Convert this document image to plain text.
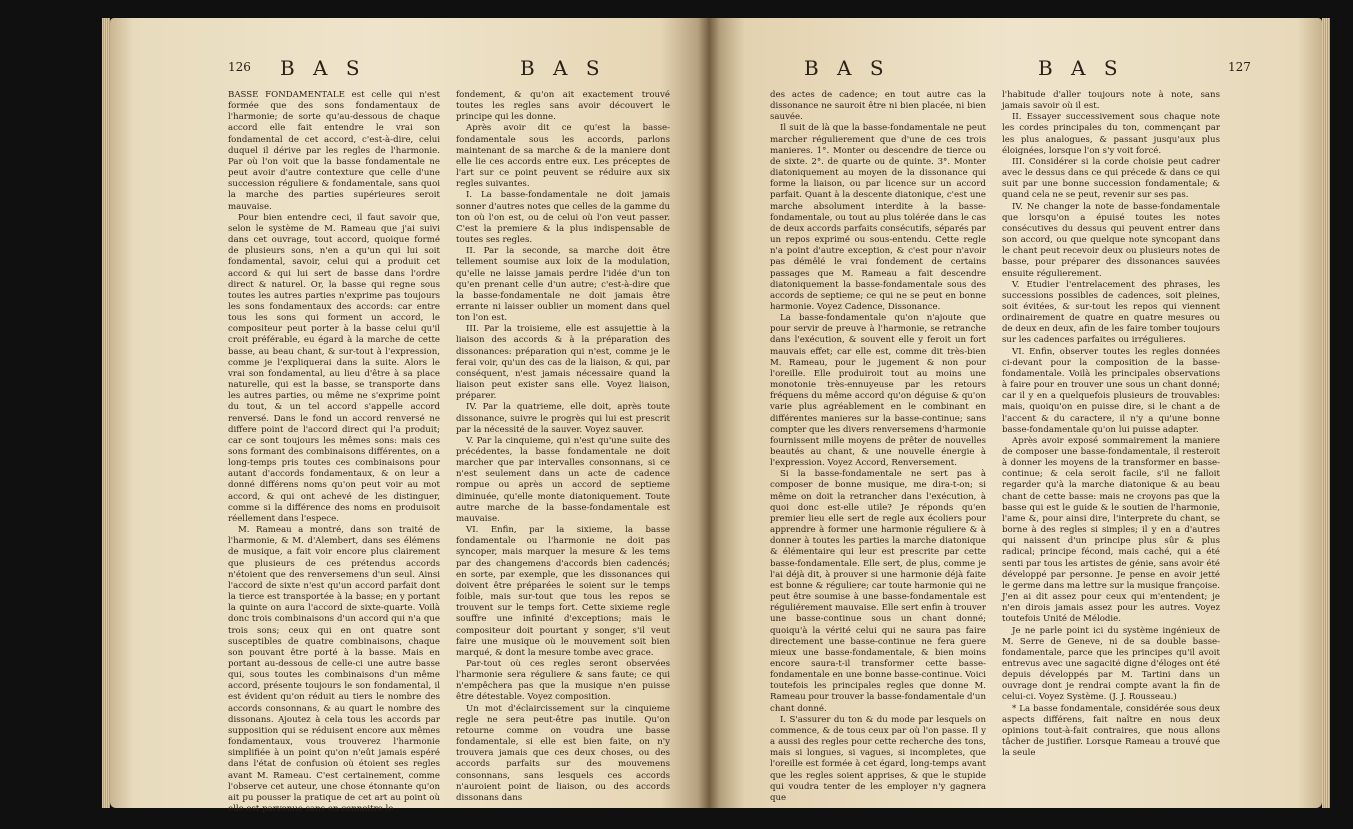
126 B A S	B A S

BASSE FONDAMENTALE est celle qui n'est formée que des sons fondamentaux de l'harmonie; de sorte qu'au-dessous de chaque accord elle fait entendre le vrai son fondamental de cet accord, c'est-à-dire, celui duquel il dérive par les regles de l'harmonie. Par où l'on voit que la basse fondamentale ne peut avoir d'autre contexture que celle d'une succession réguliere & fondamentale, sans quoi la marche des parties supérieures seroit mauvaise.

Pour bien entendre ceci, il faut savoir que, selon le système de M. Rameau que j'ai suivi dans cet ouvrage, tout accord, quoique formé de plusieurs sons, n'en a qu'un qui lui soit fondamental, savoir, celui qui a produit cet accord & qui lui sert de basse dans l'ordre direct & naturel. Or, la basse qui regne sous toutes les autres parties n'exprime pas toujours les sons fondamentaux des accords: car entre tous les sons qui forment un accord, le compositeur peut porter à la basse celui qu'il croit préférable, eu égard à la marche de cette basse, au beau chant, & sur-tout à l'expression, comme je l'expliquerai dans la suite. Alors le vrai son fondamental, au lieu d'être à sa place naturelle, qui est la basse, se transporte dans les autres parties, ou même ne s'exprime point du tout, & un tel accord s'appelle accord renversé. Dans le fond un accord renversé ne differe point de l'accord direct qui l'a produit; car ce sont toujours les mêmes sons: mais ces sons formant des combinaisons différentes, on a long-temps pris toutes ces combinaisons pour autant d'accords fondamentaux, & on leur a donné différens noms qu'on peut voir au mot accord, & qui ont achevé de les distinguer, comme si la différence des noms en produisoit réellement dans l'espece.

M. Rameau a montré, dans son traité de l'harmonie, & M. d'Alembert, dans ses élémens de musique, a fait voir encore plus clairement que plusieurs de ces prétendus accords n'étoient que des renversemens d'un seul. Ainsi l'accord de sixte n'est qu'un accord parfait dont la tierce est transportée à la basse; en y portant la quinte on aura l'accord de sixte-quarte. Voilà donc trois combinaisons d'un accord qui n'a que trois sons; ceux qui en ont quatre sont susceptibles de quatre combinaisons, chaque son pouvant être porté à la basse. Mais en portant au-dessous de celle-ci une autre basse qui, sous toutes les combinaisons d'un même accord, présente toujours le son fondamental, il est évident qu'on réduit au tiers le nombre des accords consonnans, & au quart le nombre des dissonans. Ajoutez à cela tous les accords par supposition qui se réduisent encore aux mêmes fondamentaux, vous trouverez l'harmonie simplifiée à un point qu'on n'eût jamais espéré dans l'état de confusion où étoient ses regles avant M. Rameau. C'est certainement, comme l'observe cet auteur, une chose étonnante qu'on ait pu pousser la pratique de cet art au point où elle est parvenue sans en connoitre le

fondement, & qu'on ait exactement trouvé toutes les regles sans avoir découvert le principe qui les donne.

Après avoir dit ce qu'est la basse-fondamentale sous les accords, parlons maintenant de sa marche & de la maniere dont elle lie ces accords entre eux. Les préceptes de l'art sur ce point peuvent se réduire aux six regles suivantes.

I. La basse-fondamentale ne doit jamais sonner d'autres notes que celles de la gamme du ton où l'on est, ou de celui où l'on veut passer. C'est la premiere & la plus indispensable de toutes ses regles.

II. Par la seconde, sa marche doit être tellement soumise aux loix de la modulation, qu'elle ne laisse jamais perdre l'idée d'un ton qu'en prenant celle d'un autre; c'est-à-dire que la basse-fondamentale ne doit jamais être errante ni laisser oublier un moment dans quel ton l'on est.

III. Par la troisieme, elle est assujettie à la liaison des accords & à la préparation des dissonances: préparation qui n'est, comme je le ferai voir, qu'un des cas de la liaison, & qui, par conséquent, n'est jamais nécessaire quand la liaison peut exister sans elle. Voyez liaison, préparer.

IV. Par la quatrieme, elle doit, après toute dissonance, suivre le progrès qui lui est prescrit par la nécessité de la sauver. Voyez sauver.

V. Par la cinquieme, qui n'est qu'une suite des précédentes, la basse fondamentale ne doit marcher que par intervalles consonnans, si ce n'est seulement dans un acte de cadence rompue ou après un accord de septieme diminuée, qu'elle monte diatoniquement. Toute autre marche de la basse-fondamentale est mauvaise.

VI. Enfin, par la sixieme, la basse fondamentale ou l'harmonie ne doit pas syncoper, mais marquer la mesure & les tems par des changemens d'accords bien cadencés; en sorte, par exemple, que les dissonances qui doivent être préparées le soient sur le temps foible, mais sur-tout que tous les repos se trouvent sur le temps fort. Cette sixieme regle souffre une infinité d'exceptions; mais le compositeur doit pourtant y songer, s'il veut faire une musique où le mouvement soit bien marqué, & dont la mesure tombe avec grace.

Par-tout où ces regles seront observées l'harmonie sera réguliere & sans faute; ce qui n'empêchera pas que la musique n'en puisse être détestable. Voyez composition.

Un mot d'éclaircissement sur la cinquieme regle ne sera peut-être pas inutile. Qu'on retourne comme on voudra une basse fondamentale, si elle est bien faite, on n'y trouvera jamais que ces deux choses, ou des accords parfaits sur des mouvemens consonnans, sans lesquels ces accords n'auroient point de liaison, ou des accords dissonans dans

B A S	B A S	127

des actes de cadence; en tout autre cas la dissonance ne sauroit être ni bien placée, ni bien sauvée.

Il suit de là que la basse-fondamentale ne peut marcher régulierement que d'une de ces trois manieres. 1°. Monter ou descendre de tierce ou de sixte. 2°. de quarte ou de quinte. 3°. Monter diatoniquement au moyen de la dissonance qui forme la liaison, ou par licence sur un accord parfait. Quant à la descente diatonique, c'est une marche absolument interdite à la basse-fondamentale, ou tout au plus tolérée dans le cas de deux accords parfaits consécutifs, séparés par un repos exprimé ou sous-entendu. Cette regle n'a point d'autre exception, & c'est pour n'avoir pas démêlé le vrai fondement de certains passages que M. Rameau a fait descendre diatoniquement la basse-fondamentale sous des accords de septieme; ce qui ne se peut en bonne harmonie. Voyez Cadence, Dissonance.

La basse-fondamentale qu'on n'ajoute que pour servir de preuve à l'harmonie, se retranche dans l'exécution, & souvent elle y feroit un fort mauvais effet; car elle est, comme dit très-bien M. Rameau, pour le jugement & non pour l'oreille. Elle produiroit tout au moins une monotonie très-ennuyeuse par les retours fréquens du même accord qu'on déguise & qu'on varie plus agréablement en le combinant en différentes manieres sur la basse-continue; sans compter que les divers renversemens d'harmonie fournissent mille moyens de prêter de nouvelles beautés au chant, & une nouvelle énergie à l'expression. Voyez Accord, Renversement.

Si la basse-fondamentale ne sert pas à composer de bonne musique, me dira-t-on; si même on doit la retrancher dans l'exécution, à quoi donc est-elle utile? Je réponds qu'en premier lieu elle sert de regle aux écoliers pour apprendre à former une harmonie réguliere & à donner à toutes les parties la marche diatonique & élémentaire qui leur est prescrite par cette basse-fondamentale. Elle sert, de plus, comme je l'ai déjà dit, à prouver si une harmonie déjà faite est bonne & réguliere; car toute harmonie qui ne peut être soumise à une basse-fondamentale est réguliérement mauvaise. Elle sert enfin à trouver une basse-continue sous un chant donné; quoiqu'à la vérité celui qui ne saura pas faire directement une basse-continue ne fera guere mieux une basse-fondamentale, & bien moins encore saura-t-il transformer cette basse-fondamentale en une bonne basse-continue. Voici toutefois les principales regles que donne M. Rameau pour trouver la basse-fondamentale d'un chant donné.

I. S'assurer du ton & du mode par lesquels on commence, & de tous ceux par où l'on passe. Il y a aussi des regles pour cette recherche des tons, mais si longues, si vagues, si incompletes, que l'oreille est formée à cet égard, long-temps avant que les regles soient apprises, & que le stupide qui voudra tenter de les employer n'y gagnera que

l'habitude d'aller toujours note à note, sans jamais savoir où il est.

II. Essayer successivement sous chaque note les cordes principales du ton, commençant par les plus analogues, & passant jusqu'aux plus éloignées, lorsque l'on s'y voit forcé.

III. Considérer si la corde choisie peut cadrer avec le dessus dans ce qui précede & dans ce qui suit par une bonne succession fondamentale; & quand cela ne se peut, revenir sur ses pas.

IV. Ne changer la note de basse-fondamentale que lorsqu'on a épuisé toutes les notes consécutives du dessus qui peuvent entrer dans son accord, ou que quelque note syncopant dans le chant peut recevoir deux ou plusieurs notes de basse, pour préparer des dissonances sauvées ensuite régulierement.

V. Etudier l'entrelacement des phrases, les successions possibles de cadences, soit pleines, soit évitées, & sur-tout les repos qui viennent ordinairement de quatre en quatre mesures ou de deux en deux, afin de les faire tomber toujours sur les cadences parfaites ou irrégulieres.

VI. Enfin, observer toutes les regles données ci-devant pour la composition de la basse-fondamentale. Voilà les principales observations à faire pour en trouver une sous un chant donné; car il y en a quelquefois plusieurs de trouvables: mais, quoiqu'on en puisse dire, si le chant a de l'accent & du caractere, il n'y a qu'une bonne basse-fondamentale qu'on lui puisse adapter.

Après avoir exposé sommairement la maniere de composer une basse-fondamentale, il resteroit à donner les moyens de la transformer en basse-continue; & cela seroit facile, s'il ne falloit regarder qu'à la marche diatonique & au beau chant de cette basse: mais ne croyons pas que la basse qui est le guide & le soutien de l'harmonie, l'ame &, pour ainsi dire, l'interprete du chant, se borne à des regles si simples; il y en a d'autres qui naissent d'un principe plus sûr & plus radical; principe fécond, mais caché, qui a été senti par tous les artistes de génie, sans avoir été développé par personne. Je pense en avoir jetté le germe dans ma lettre sur la musique françoise. J'en ai dit assez pour ceux qui m'entendent; je n'en dirois jamais assez pour les autres. Voyez toutefois Unité de Mélodie.

Je ne parle point ici du système ingénieux de M. Serre de Geneve, ni de sa double basse-fondamentale, parce que les principes qu'il avoit entrevus avec une sagacité digne d'éloges ont été depuis développés par M. Tartini dans un ouvrage dont je rendrai compte avant la fin de celui-ci. Voyez Système. (J. J. Rousseau.)

* La basse fondamentale, considérée sous deux aspects différens, fait naître en nous deux opinions tout-à-fait contraires, que nous allons tâcher de justifier. Lorsque Rameau a trouvé que la seule
